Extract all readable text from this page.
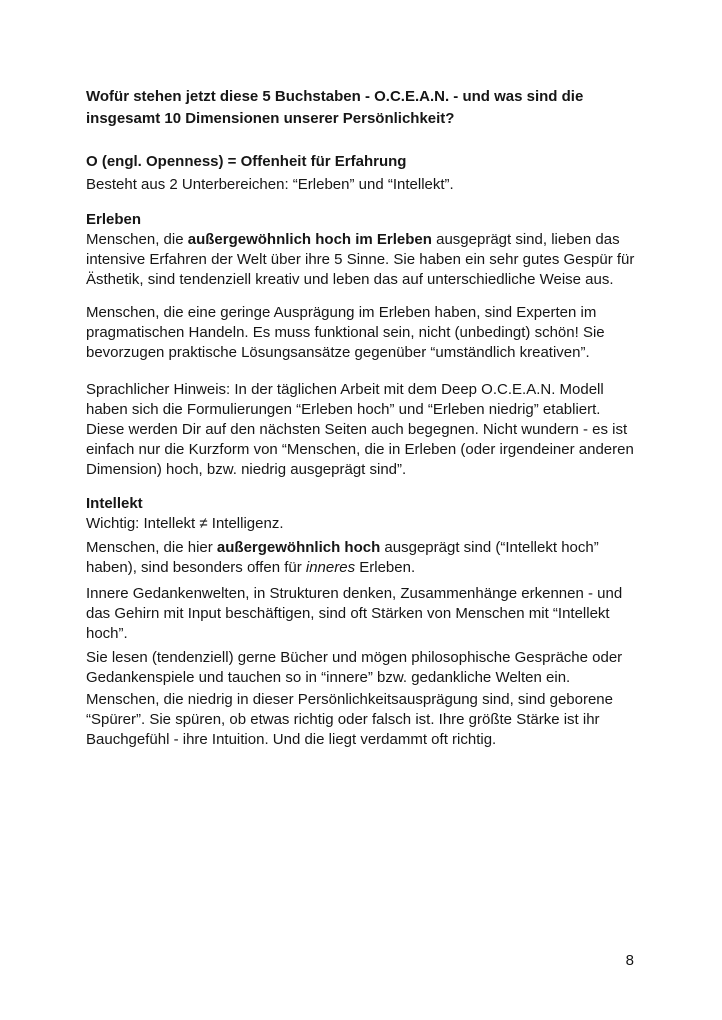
Wofür stehen jetzt diese 5 Buchstaben - O.C.E.A.N. - und was sind die insgesamt 10 Dimensionen unserer Persönlichkeit?

O (engl. Openness) = Offenheit für Erfahrung

Besteht aus 2 Unterbereichen: “Erleben” und “Intellekt”.

Erleben

Menschen, die außergewöhnlich hoch im Erleben ausgeprägt sind, lieben das intensive Erfahren der Welt über ihre 5 Sinne. Sie haben ein sehr gutes Gespür für Ästhetik, sind tendenziell kreativ und leben das auf unterschiedliche Weise aus.

Menschen, die eine geringe Ausprägung im Erleben haben, sind Experten im pragmatischen Handeln. Es muss funktional sein, nicht (unbedingt) schön! Sie bevorzugen praktische Lösungsansätze gegenüber “umständlich kreativen”.

Sprachlicher Hinweis: In der täglichen Arbeit mit dem Deep O.C.E.A.N. Modell haben sich die Formulierungen “Erleben hoch” und “Erleben niedrig” etabliert. Diese werden Dir auf den nächsten Seiten auch begegnen. Nicht wundern - es ist einfach nur die Kurzform von “Menschen, die in Erleben (oder irgendeiner anderen Dimension) hoch, bzw. niedrig ausgeprägt sind”.

Intellekt

Wichtig: Intellekt ≠ Intelligenz.

Menschen, die hier außergewöhnlich hoch ausgeprägt sind (“Intellekt hoch” haben), sind besonders offen für inneres Erleben.

Innere Gedankenwelten, in Strukturen denken, Zusammenhänge erkennen - und das Gehirn mit Input beschäftigen, sind oft Stärken von Menschen mit “Intellekt hoch”.

Sie lesen (tendenziell) gerne Bücher und mögen philosophische Gespräche oder Gedankenspiele und tauchen so in “innere” bzw. gedankliche Welten ein.

Menschen, die niedrig in dieser Persönlichkeitsausprägung sind, sind geborene “Spürer”. Sie spüren, ob etwas richtig oder falsch ist. Ihre größte Stärke ist ihr Bauchgefühl - ihre Intuition. Und die liegt verdammt oft richtig.

8
